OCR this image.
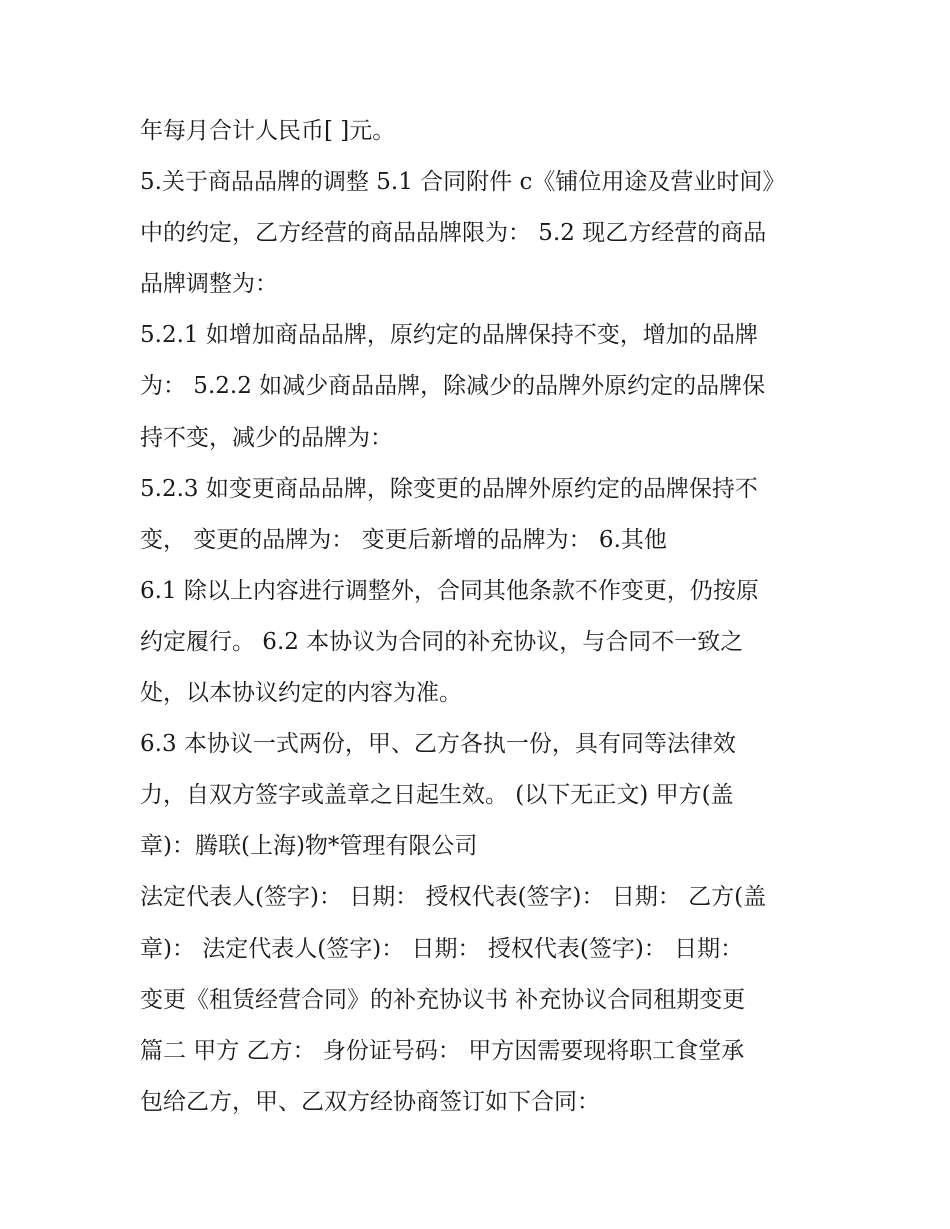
年每月合计人民币[ ]元。
5.关于商品品牌的调整 5.1 合同附件 c《铺位用途及营业时间》
中的约定，乙方经营的商品品牌限为： 5.2 现乙方经营的商品
品牌调整为：
5.2.1 如增加商品品牌，原约定的品牌保持不变，增加的品牌
为： 5.2.2 如减少商品品牌，除减少的品牌外原约定的品牌保
持不变，减少的品牌为：
5.2.3 如变更商品品牌，除变更的品牌外原约定的品牌保持不
变， 变更的品牌为： 变更后新增的品牌为： 6.其他
6.1 除以上内容进行调整外，合同其他条款不作变更，仍按原
约定履行。 6.2 本协议为合同的补充协议，与合同不一致之
处，以本协议约定的内容为准。
6.3 本协议一式两份，甲、乙方各执一份，具有同等法律效
力，自双方签字或盖章之日起生效。 (以下无正文) 甲方(盖
章)：腾联(上海)物*管理有限公司
法定代表人(签字)： 日期： 授权代表(签字)： 日期： 乙方(盖
章)： 法定代表人(签字)： 日期： 授权代表(签字)： 日期：
变更《租赁经营合同》的补充协议书 补充协议合同租期变更
篇二 甲方 乙方： 身份证号码： 甲方因需要现将职工食堂承
包给乙方，甲、乙双方经协商签订如下合同：
